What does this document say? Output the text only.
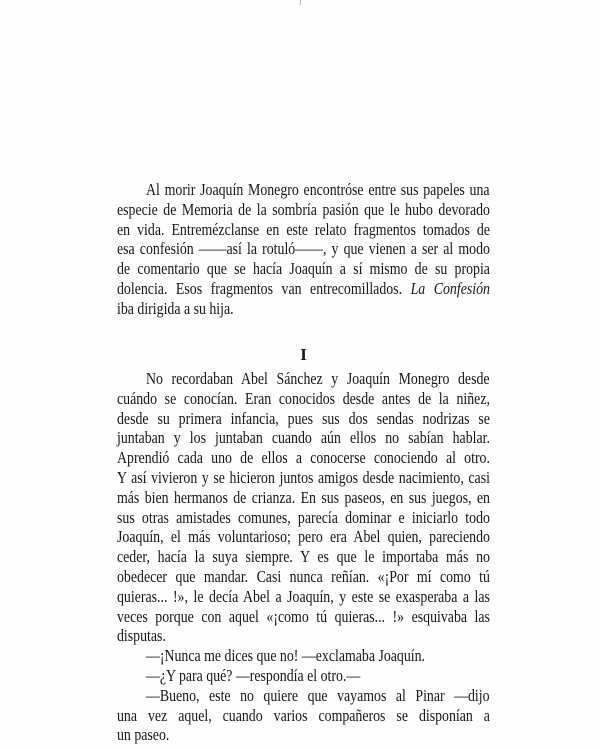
Al morir Joaquín Monegro encontróse entre sus papeles una
especie de Memoria de la sombría pasión que le hubo devorado
en vida. Entremézclanse en este relato fragmentos tomados de
esa confesión ——así la rotuló——, y que vienen a ser al modo
de comentario que se hacía Joaquín a sí mismo de su propia
dolencia. Esos fragmentos van entrecomillados. La Confesión
iba dirigida a su hija.
I
No recordaban Abel Sánchez y Joaquín Monegro desde
cuándo se conocían. Eran conocidos desde antes de la niñez,
desde su primera infancia, pues sus dos sendas nodrizas se
juntaban y los juntaban cuando aún ellos no sabían hablar.
Aprendió cada uno de ellos a conocerse conociendo al otro.
Y así vivieron y se hicieron juntos amigos desde nacimiento, casi
más bien hermanos de crianza. En sus paseos, en sus juegos, en
sus otras amistades comunes, parecía dominar e iniciarlo todo
Joaquín, el más voluntarioso; pero era Abel quien, pareciendo
ceder, hacía la suya siempre. Y es que le importaba más no
obedecer que mandar. Casi nunca reñían. «¡Por mí como tú
quieras... !», le decía Abel a Joaquín, y este se exasperaba a las
veces porque con aquel «¡como tú quieras... !» esquivaba las
disputas.
—¡Nunca me dices que no! —exclamaba Joaquín.
—¿Y para qué? —respondía el otro.—
—Bueno, este no quiere que vayamos al Pinar —dijo
una vez aquel, cuando varios compañeros se disponían a
un paseo.
